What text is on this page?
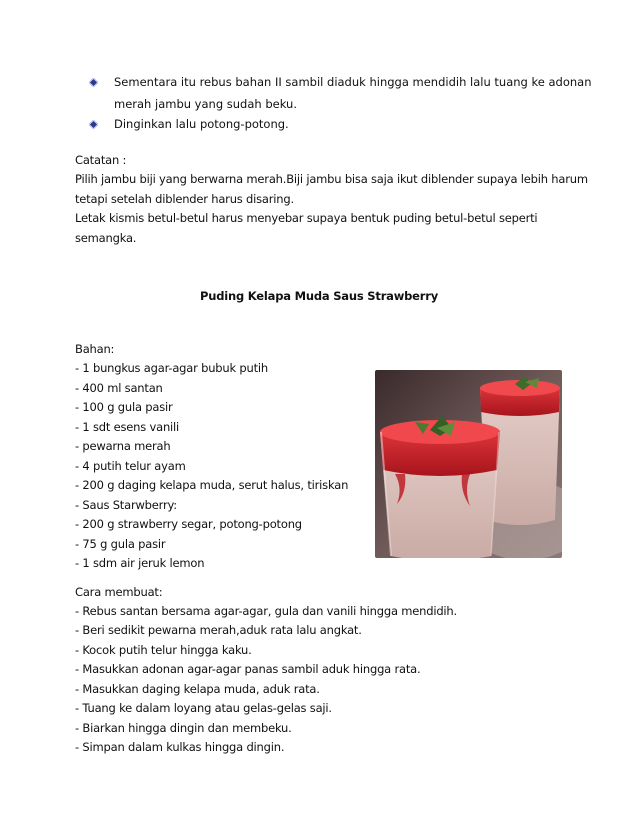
Sementara itu rebus bahan II sambil diaduk hingga mendidih lalu tuang ke adonan
merah jambu yang sudah beku.
Dinginkan lalu potong-potong.
Catatan :
Pilih jambu biji yang berwarna merah.Biji jambu bisa saja ikut diblender supaya lebih harum
tetapi setelah diblender harus disaring.
Letak kismis betul-betul harus menyebar supaya bentuk puding betul-betul seperti
semangka.
Puding Kelapa Muda Saus Strawberry
Bahan:
- 1 bungkus agar-agar bubuk putih
- 400 ml santan
- 100 g gula pasir
- 1 sdt esens vanili
- pewarna merah
- 4 putih telur ayam
- 200 g daging kelapa muda, serut halus, tiriskan
- Saus Starwberry:
- 200 g strawberry segar, potong-potong
- 75 g gula pasir
- 1 sdm air jeruk lemon
Cara membuat:
- Rebus santan bersama agar-agar, gula dan vanili hingga mendidih.
- Beri sedikit pewarna merah,aduk rata lalu angkat.
- Kocok putih telur hingga kaku.
- Masukkan adonan agar-agar panas sambil aduk hingga rata.
- Masukkan daging kelapa muda, aduk rata.
- Tuang ke dalam loyang atau gelas-gelas saji.
- Biarkan hingga dingin dan membeku.
- Simpan dalam kulkas hingga dingin.
